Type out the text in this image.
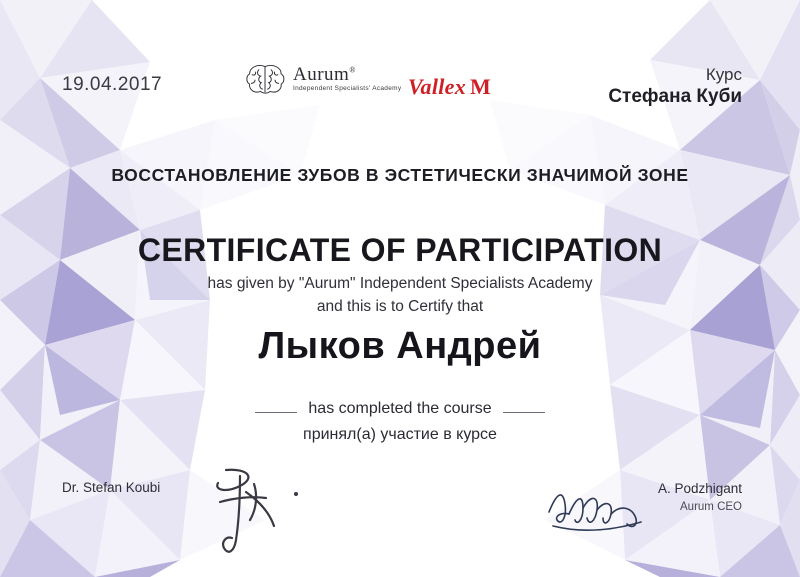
19.04.2017	Курс
Стефана Куби
Aurum®
Independent Specialists' Academy Vallex M
ВОССТАНОВЛЕНИЕ ЗУБОВ В ЭСТЕТИЧЕСКИ ЗНАЧИМОЙ ЗОНЕ
CERTIFICATE OF PARTICIPATION
has given by "Aurum" Independent Specialists Academy
and this is to Certify that
Лыков Андрей
has completed the course
принял(а) участие в курсе
Dr. Stefan Koubi	A. Podzhigant
Aurum CEO
